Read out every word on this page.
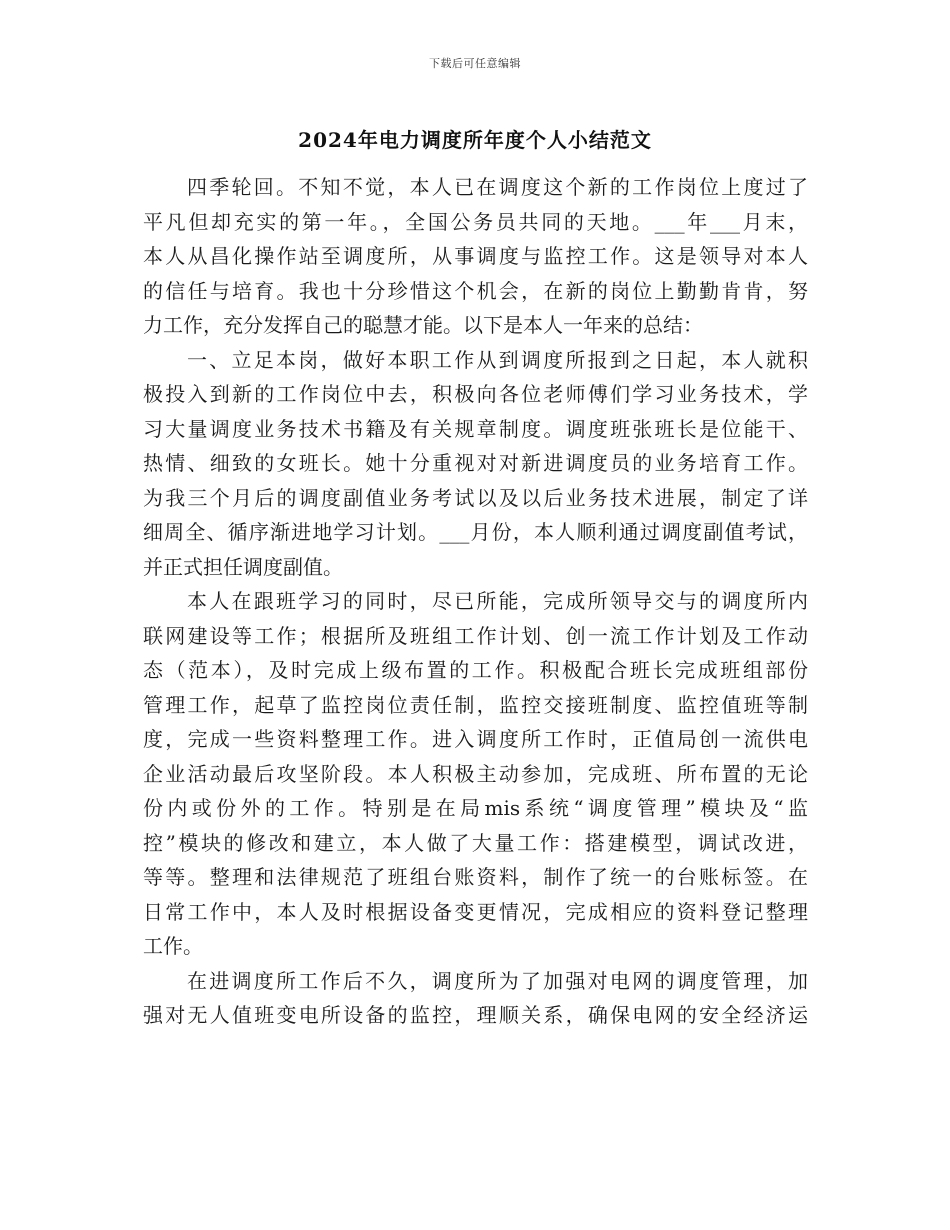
下载后可任意编辑
2024年电力调度所年度个人小结范文
四季轮回。不知不觉，本人已在调度这个新的工作岗位上度过了
平凡但却充实的第一年。，全国公务员共同的天地。___年___月末，
本人从昌化操作站至调度所，从事调度与监控工作。这是领导对本人
的信任与培育。我也十分珍惜这个机会，在新的岗位上勤勤肯肯，努
力工作，充分发挥自己的聪慧才能。以下是本人一年来的总结：
一、立足本岗，做好本职工作从到调度所报到之日起，本人就积
极投入到新的工作岗位中去，积极向各位老师傅们学习业务技术，学
习大量调度业务技术书籍及有关规章制度。调度班张班长是位能干、
热情、细致的女班长。她十分重视对对新进调度员的业务培育工作。
为我三个月后的调度副值业务考试以及以后业务技术进展，制定了详
细周全、循序渐进地学习计划。___月份，本人顺利通过调度副值考试，
并正式担任调度副值。
本人在跟班学习的同时，尽已所能，完成所领导交与的调度所内
联网建设等工作；根据所及班组工作计划、创一流工作计划及工作动
态（范本），及时完成上级布置的工作。积极配合班长完成班组部份
管理工作，起草了监控岗位责任制，监控交接班制度、监控值班等制
度，完成一些资料整理工作。进入调度所工作时，正值局创一流供电
企业活动最后攻坚阶段。本人积极主动参加，完成班、所布置的无论
份内或份外的工作。特别是在局mis系统“调度管理”模块及“监
控”模块的修改和建立，本人做了大量工作：搭建模型，调试改进，
等等。整理和法律规范了班组台账资料，制作了统一的台账标签。在
日常工作中，本人及时根据设备变更情况，完成相应的资料登记整理
工作。
在进调度所工作后不久，调度所为了加强对电网的调度管理，加
强对无人值班变电所设备的监控，理顺关系，确保电网的安全经济运
